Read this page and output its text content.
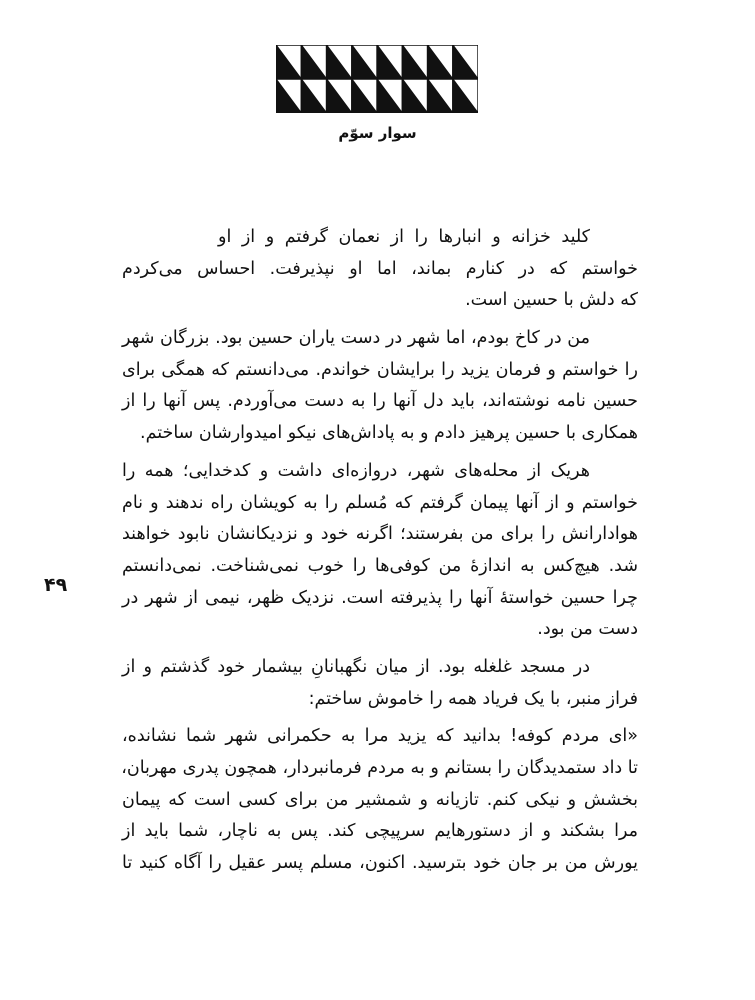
سوار سوّم
۴۹
کلید خزانه و انبارها را از نعمان گرفتم و از او
خواستم که در کنارم بماند، اما او نپذیرفت. احساس می‌کردم
که دلش با حسین است.
من در کاخ بودم، اما شهر در دست یاران حسین بود. بزرگان شهر
را خواستم و فرمان یزید را برایشان خواندم. می‌دانستم که همگی برای
حسین نامه نوشته‌اند، باید دل آنها را به دست می‌آوردم. پس آنها را از
همکاری با حسین پرهیز دادم و به پاداش‌های نیکو امیدوارشان ساختم.
هریک از محله‌های شهر، دروازه‌ای داشت و کدخدایی؛ همه را
خواستم و از آنها پیمان گرفتم که مُسلم را به کویشان راه ندهند و نام
هوادارانش را برای من بفرستند؛ اگرنه خود و نزدیکانشان نابود خواهند
شد. هیچ‌کس به اندازهٔ من کوفی‌ها را خوب نمی‌شناخت. نمی‌دانستم
چرا حسین خواستهٔ آنها را پذیرفته است. نزدیک ظهر، نیمی از شهر در
دست من بود.
در مسجد غلغله بود. از میان نگهبانانِ بیشمار خود گذشتم و از
فراز منبر، با یک فریاد همه را خاموش ساختم:
«ای مردم کوفه! بدانید که یزید مرا به حکمرانی شهر شما نشانده،
تا داد ستمدیدگان را بستانم و به مردم فرمانبردار، همچون پدری مهربان،
بخشش و نیکی کنم. تازیانه و شمشیر من برای کسی است که پیمان
مرا بشکند و از دستورهایم سرپیچی کند. پس به ناچار، شما باید از
یورش من بر جان خود بترسید. اکنون، مسلم پسر عقیل را آگاه کنید تا
